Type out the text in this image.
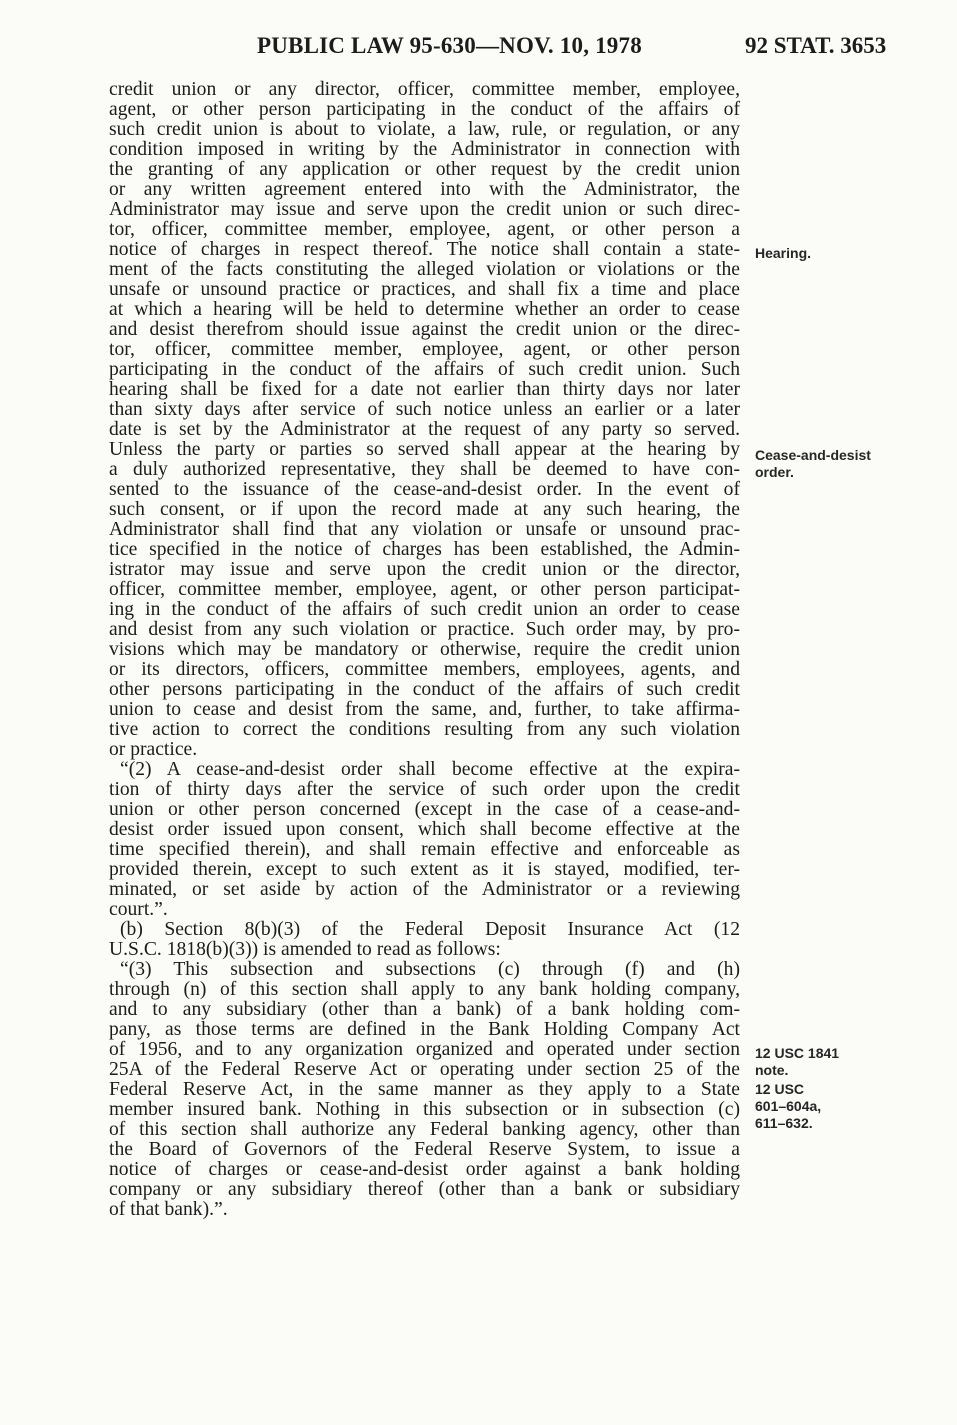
PUBLIC LAW 95-630—NOV. 10, 1978	92 STAT. 3653
credit union or any director, officer, committee member, employee,
agent, or other person participating in the conduct of the affairs of
such credit union is about to violate, a law, rule, or regulation, or any
condition imposed in writing by the Administrator in connection with
the granting of any application or other request by the credit union
or any written agreement entered into with the Administrator, the
Administrator may issue and serve upon the credit union or such direc-
tor, officer, committee member, employee, agent, or other person a
notice of charges in respect thereof. The notice shall contain a state-
ment of the facts constituting the alleged violation or violations or the
unsafe or unsound practice or practices, and shall fix a time and place
at which a hearing will be held to determine whether an order to cease
and desist therefrom should issue against the credit union or the direc-
tor, officer, committee member, employee, agent, or other person
participating in the conduct of the affairs of such credit union. Such
hearing shall be fixed for a date not earlier than thirty days nor later
than sixty days after service of such notice unless an earlier or a later
date is set by the Administrator at the request of any party so served.
Unless the party or parties so served shall appear at the hearing by
a duly authorized representative, they shall be deemed to have con-
sented to the issuance of the cease-and-desist order. In the event of
such consent, or if upon the record made at any such hearing, the
Administrator shall find that any violation or unsafe or unsound prac-
tice specified in the notice of charges has been established, the Admin-
istrator may issue and serve upon the credit union or the director,
officer, committee member, employee, agent, or other person participat-
ing in the conduct of the affairs of such credit union an order to cease
and desist from any such violation or practice. Such order may, by pro-
visions which may be mandatory or otherwise, require the credit union
or its directors, officers, committee members, employees, agents, and
other persons participating in the conduct of the affairs of such credit
union to cease and desist from the same, and, further, to take affirma-
tive action to correct the conditions resulting from any such violation
or practice.
“(2) A cease-and-desist order shall become effective at the expira-
tion of thirty days after the service of such order upon the credit
union or other person concerned (except in the case of a cease-and-
desist order issued upon consent, which shall become effective at the
time specified therein), and shall remain effective and enforceable as
provided therein, except to such extent as it is stayed, modified, ter-
minated, or set aside by action of the Administrator or a reviewing
court.”.
(b) Section 8(b)(3) of the Federal Deposit Insurance Act (12
U.S.C. 1818(b)(3)) is amended to read as follows:
“(3) This subsection and subsections (c) through (f) and (h)
through (n) of this section shall apply to any bank holding company,
and to any subsidiary (other than a bank) of a bank holding com-
pany, as those terms are defined in the Bank Holding Company Act
of 1956, and to any organization organized and operated under section
25A of the Federal Reserve Act or operating under section 25 of the
Federal Reserve Act, in the same manner as they apply to a State
member insured bank. Nothing in this subsection or in subsection (c)
of this section shall authorize any Federal banking agency, other than
the Board of Governors of the Federal Reserve System, to issue a
notice of charges or cease-and-desist order against a bank holding
company or any subsidiary thereof (other than a bank or subsidiary
of that bank).”.
Hearing.
Cease-and-desist
order.
12 USC 1841
note.
12 USC
601–604a,
611–632.
